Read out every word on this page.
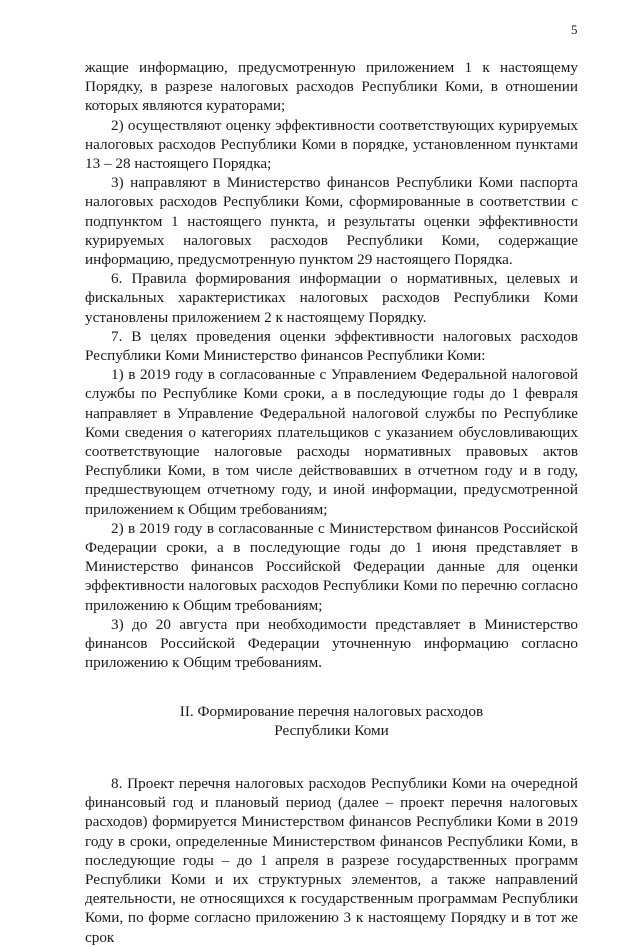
5

жащие информацию, предусмотренную приложением 1 к настоящему Порядку, в разрезе налоговых расходов Республики Коми, в отношении которых являются кураторами;

2) осуществляют оценку эффективности соответствующих курируемых налоговых расходов Республики Коми в порядке, установленном пунктами 13 – 28 настоящего Порядка;

3) направляют в Министерство финансов Республики Коми паспорта налоговых расходов Республики Коми, сформированные в соответствии с подпунктом 1 настоящего пункта, и результаты оценки эффективности курируемых налоговых расходов Республики Коми, содержащие информацию, предусмотренную пунктом 29 настоящего Порядка.

6. Правила формирования информации о нормативных, целевых и фискальных характеристиках налоговых расходов Республики Коми установлены приложением 2 к настоящему Порядку.

7. В целях проведения оценки эффективности налоговых расходов Республики Коми Министерство финансов Республики Коми:

1) в 2019 году в согласованные с Управлением Федеральной налоговой службы по Республике Коми сроки, а в последующие годы до 1 февраля направляет в Управление Федеральной налоговой службы по Республике Коми сведения о категориях плательщиков с указанием обусловливающих соответствующие налоговые расходы нормативных правовых актов Республики Коми, в том числе действовавших в отчетном году и в году, предшествующем отчетному году, и иной информации, предусмотренной приложением к Общим требованиям;

2) в 2019 году в согласованные с Министерством финансов Российской Федерации сроки, а в последующие годы до 1 июня представляет в Министерство финансов Российской Федерации данные для оценки эффективности налоговых расходов Республики Коми по перечню согласно приложению к Общим требованиям;

3) до 20 августа при необходимости представляет в Министерство финансов Российской Федерации уточненную информацию согласно приложению к Общим требованиям.

II. Формирование перечня налоговых расходов
Республики Коми

8. Проект перечня налоговых расходов Республики Коми на очередной финансовый год и плановый период (далее – проект перечня налоговых расходов) формируется Министерством финансов Республики Коми в 2019 году в сроки, определенные Министерством финансов Республики Коми, в последующие годы – до 1 апреля в разрезе государственных программ Республики Коми и их структурных элементов, а также направлений деятельности, не относящихся к государственным программам Республики Коми, по форме согласно приложению 3 к настоящему Порядку и в тот же срок
